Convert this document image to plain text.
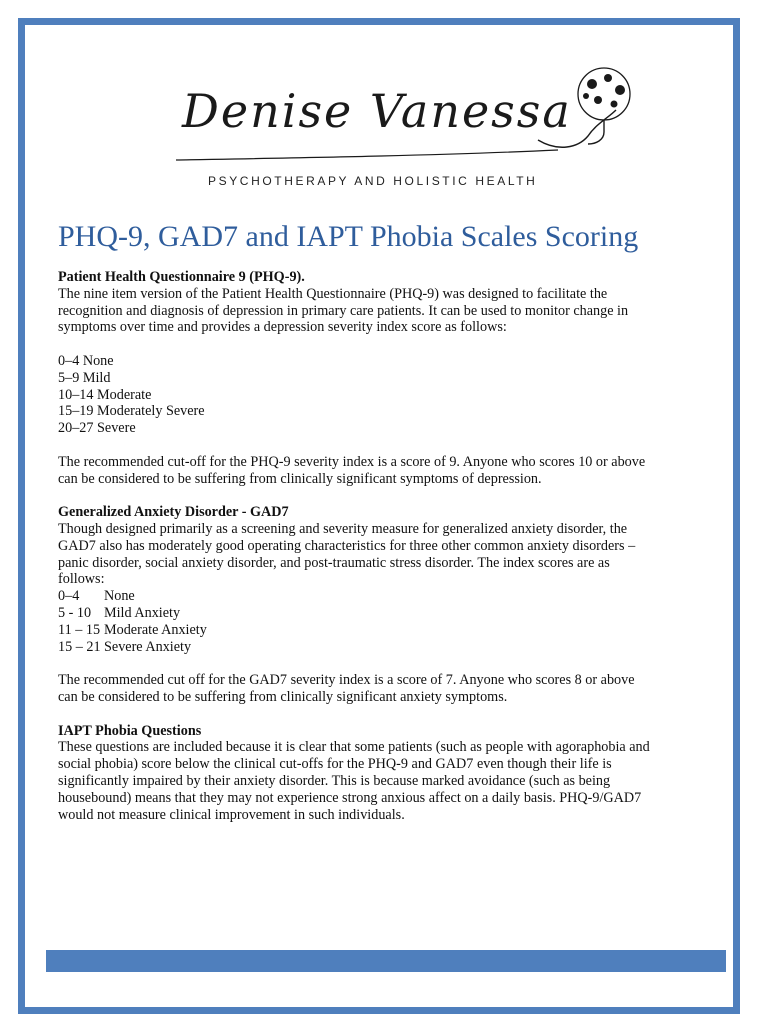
Denise Vanessa
PSYCHOTHERAPY AND HOLISTIC HEALTH
PHQ-9, GAD7 and IAPT Phobia Scales Scoring

Patient Health Questionnaire 9 (PHQ-9).

The nine item version of the Patient Health Questionnaire (PHQ-9) was designed to facilitate the

recognition and diagnosis of depression in primary care patients. It can be used to monitor change in

symptoms over time and provides a depression severity index score as follows:

0–4 None

5–9 Mild

10–14 Moderate

15–19 Moderately Severe

20–27 Severe

The recommended cut-off for the PHQ-9 severity index is a score of 9. Anyone who scores 10 or above

can be considered to be suffering from clinically significant symptoms of depression.

Generalized Anxiety Disorder - GAD7

Though designed primarily as a screening and severity measure for generalized anxiety disorder, the

GAD7 also has moderately good operating characteristics for three other common anxiety disorders –

panic disorder, social anxiety disorder, and post-traumatic stress disorder. The index scores are as

follows:

0–4	None
5 - 10 Mild Anxiety
11 – 15 Moderate Anxiety
15 – 21 Severe Anxiety

The recommended cut off for the GAD7 severity index is a score of 7. Anyone who scores 8 or above

can be considered to be suffering from clinically significant anxiety symptoms.

IAPT Phobia Questions

These questions are included because it is clear that some patients (such as people with agoraphobia and

social phobia) score below the clinical cut-offs for the PHQ-9 and GAD7 even though their life is

significantly impaired by their anxiety disorder. This is because marked avoidance (such as being

housebound) means that they may not experience strong anxious affect on a daily basis. PHQ-9/GAD7

would not measure clinical improvement in such individuals.
